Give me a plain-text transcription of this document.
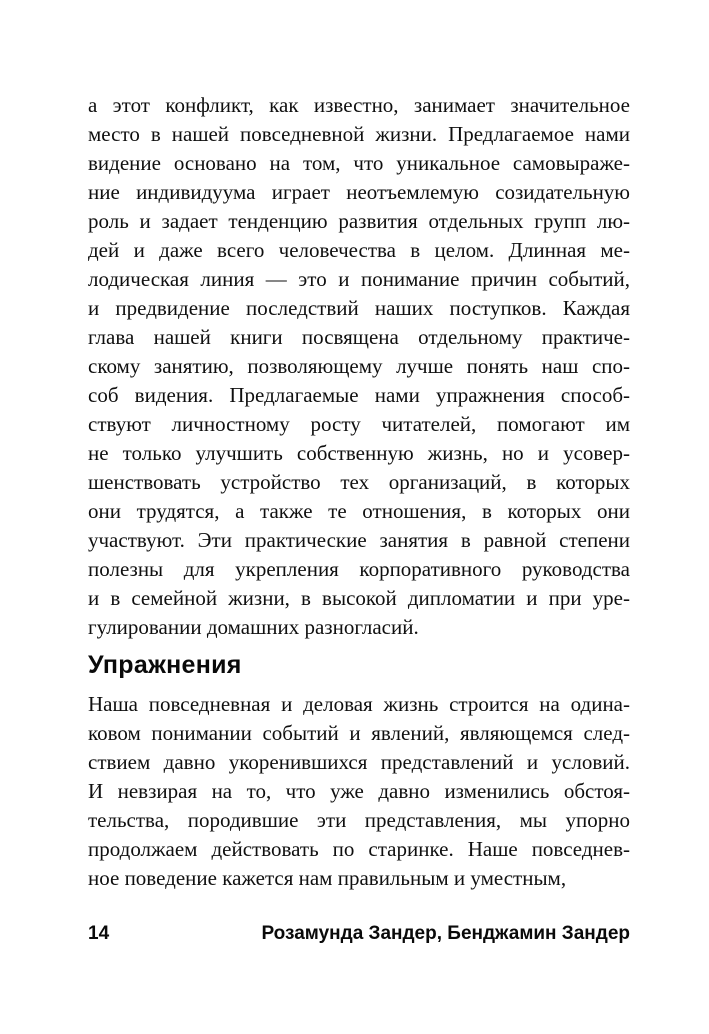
а этот конфликт, как известно, занимает значительное
место в нашей повседневной жизни. Предлагаемое нами
видение основано на том, что уникальное самовыраже-
ние индивидуума играет неотъемлемую созидательную
роль и задает тенденцию развития отдельных групп лю-
дей и даже всего человечества в целом. Длинная ме-
лодическая линия — это и понимание причин событий,
и предвидение последствий наших поступков. Каждая
глава нашей книги посвящена отдельному практиче-
скому занятию, позволяющему лучше понять наш спо-
соб видения. Предлагаемые нами упражнения способ-
ствуют личностному росту читателей, помогают им
не только улучшить собственную жизнь, но и усовер-
шенствовать устройство тех организаций, в которых
они трудятся, а также те отношения, в которых они
участвуют. Эти практические занятия в равной степени
полезны для укрепления корпоративного руководства
и в семейной жизни, в высокой дипломатии и при уре-
гулировании домашних разногласий.
Упражнения
Наша повседневная и деловая жизнь строится на одина-
ковом понимании событий и явлений, являющемся след-
ствием давно укоренившихся представлений и условий.
И невзирая на то, что уже давно изменились обстоя-
тельства, породившие эти представления, мы упорно
продолжаем действовать по старинке. Наше повседнев-
ное поведение кажется нам правильным и уместным,
14	Розамунда Зандер, Бенджамин Зандер
